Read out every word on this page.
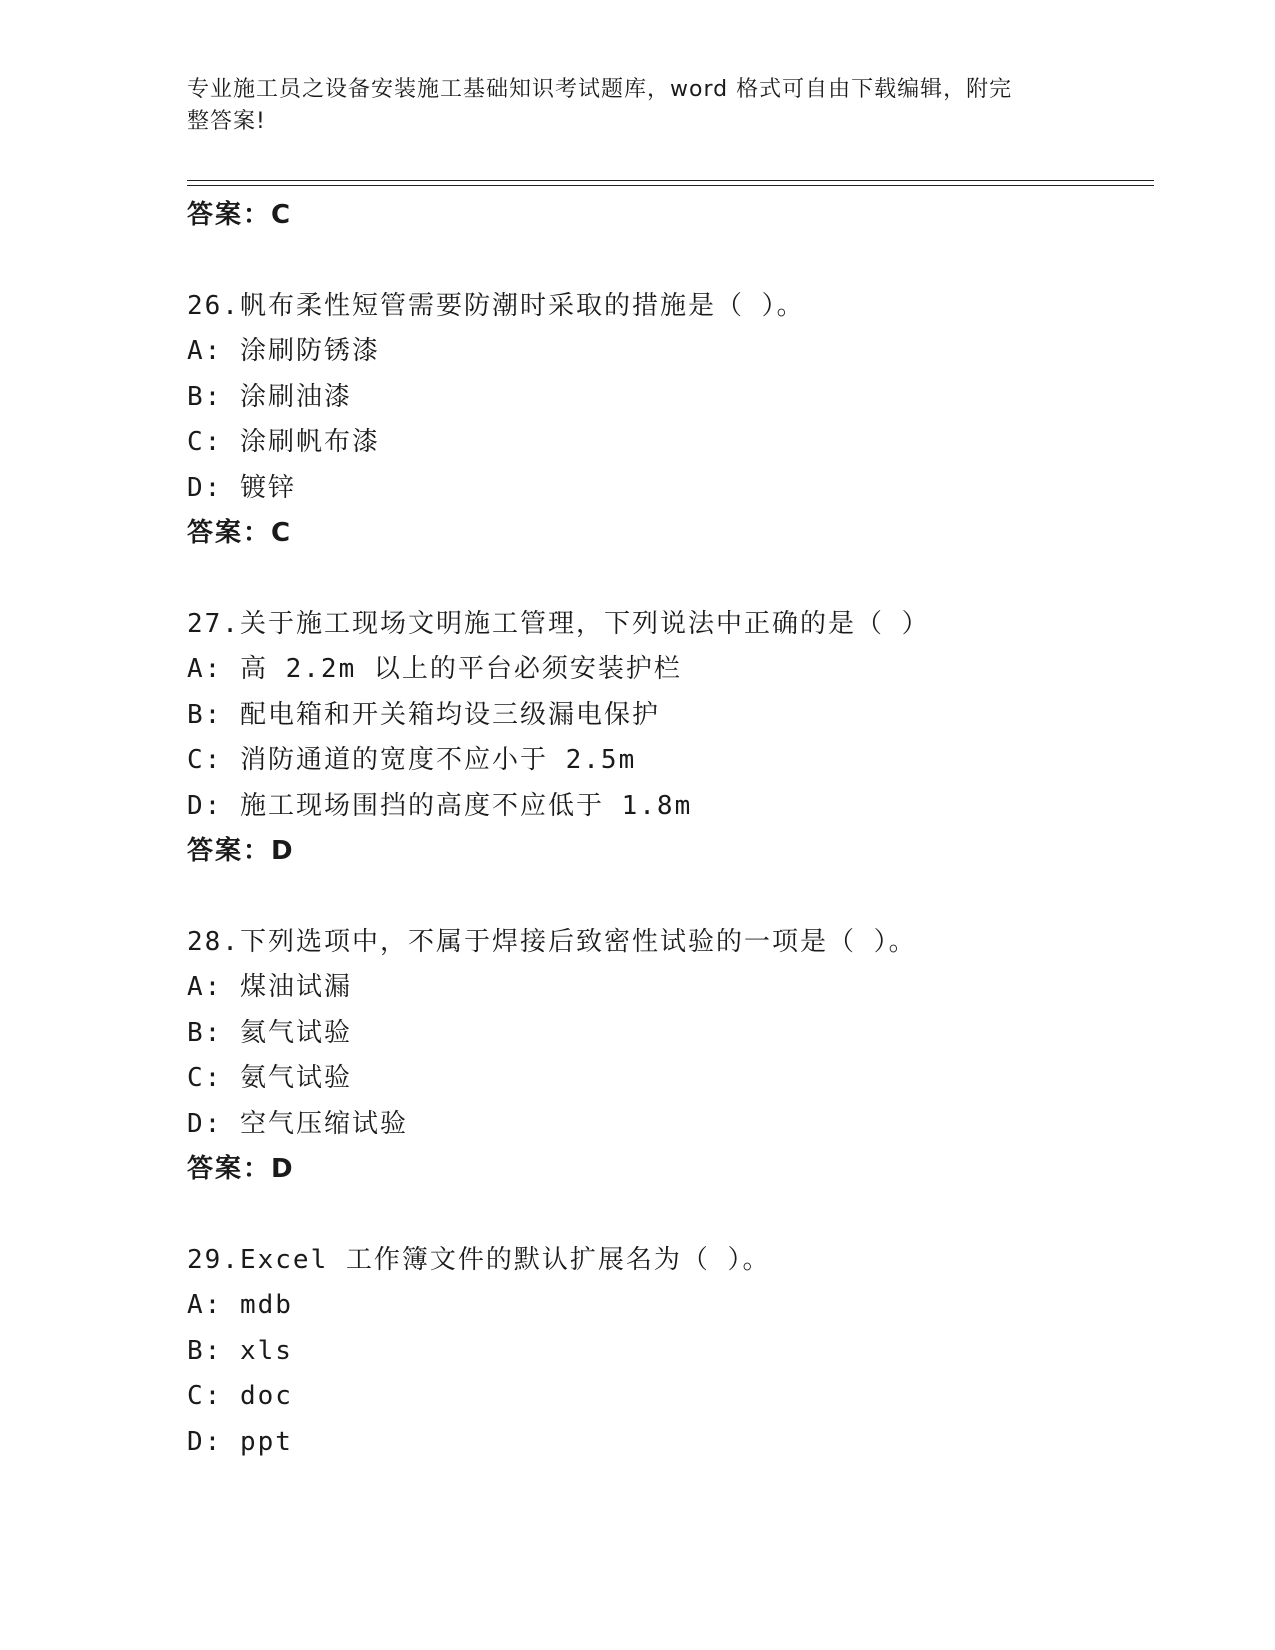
专业施工员之设备安装施工基础知识考试题库，word 格式可自由下载编辑，附完
整答案!
答案：C
26.帆布柔性短管需要防潮时采取的措施是（ ）。
A: 涂刷防锈漆
B: 涂刷油漆
C: 涂刷帆布漆
D: 镀锌
答案：C
27.关于施工现场文明施工管理，下列说法中正确的是（ ）
A: 高 2.2m 以上的平台必须安装护栏
B: 配电箱和开关箱均设三级漏电保护
C: 消防通道的宽度不应小于 2.5m
D: 施工现场围挡的高度不应低于 1.8m
答案：D
28.下列选项中，不属于焊接后致密性试验的一项是（ ）。
A: 煤油试漏
B: 氦气试验
C: 氨气试验
D: 空气压缩试验
答案：D
29.Excel 工作簿文件的默认扩展名为（ ）。
A: mdb
B: xls
C: doc
D: ppt
